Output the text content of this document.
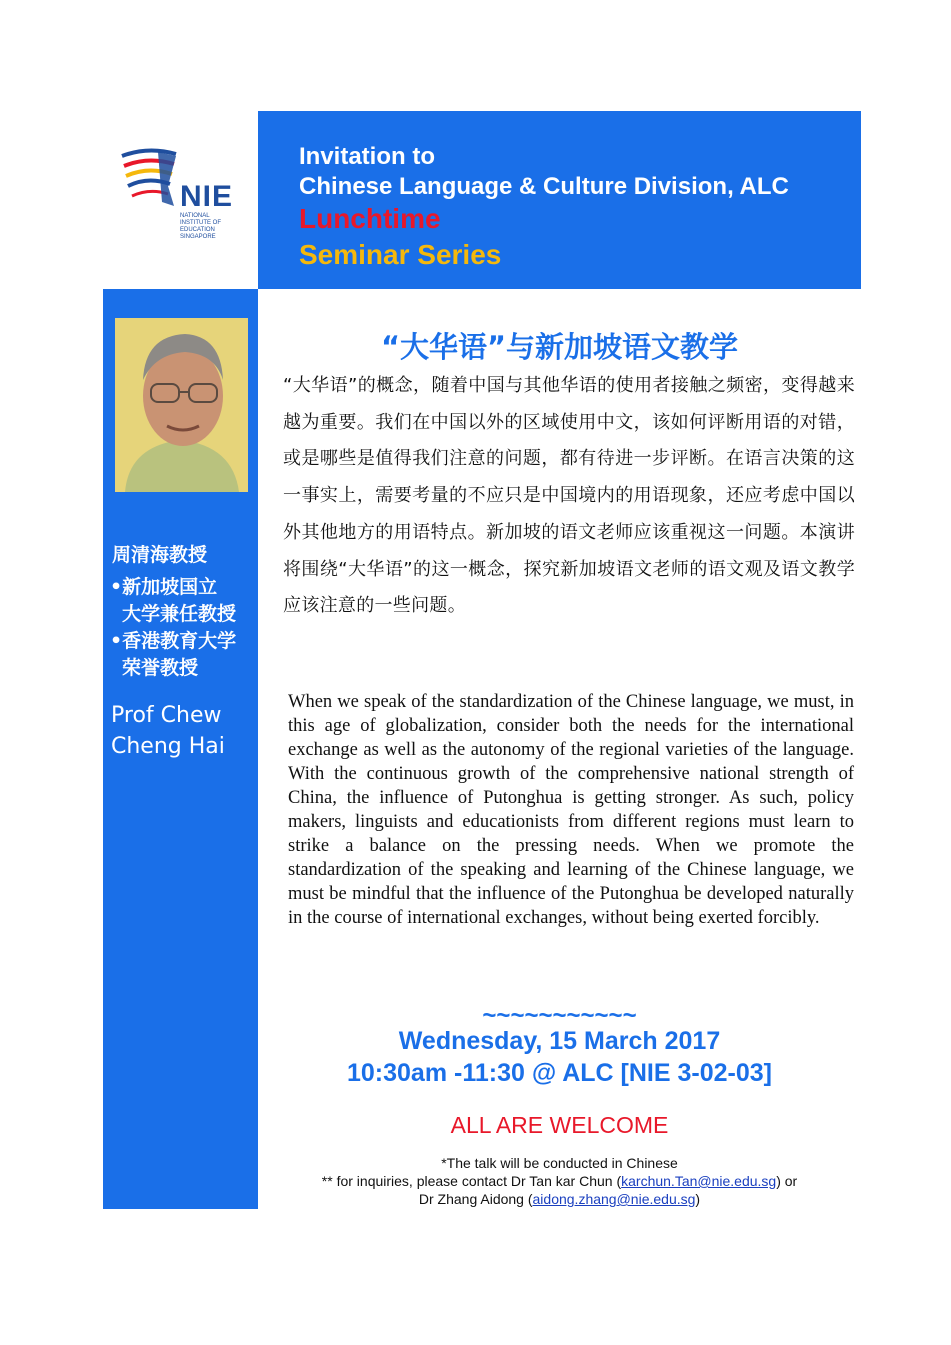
NIE
NATIONAL
INSTITUTE OF
EDUCATION
SINGAPORE
Invitation to
Chinese Language & Culture Division, ALC
Lunchtime
Seminar Series
周清海教授
•新加坡国立
大学兼任教授
•香港教育大学
荣誉教授
Prof Chew
Cheng Hai
“大华语”与新加坡语文教学
“大华语”的概念，随着中国与其他华语的使用者接触之频密，变得越来越为重要。我们在中国以外的区域使用中文，该如何评断用语的对错，或是哪些是值得我们注意的问题，都有待进一步评断。在语言决策的这一事实上，需要考量的不应只是中国境内的用语现象，还应考虑中国以外其他地方的用语特点。新加坡的语文老师应该重视这一问题。本演讲将围绕“大华语”的这一概念，探究新加坡语文老师的语文观及语文教学应该注意的一些问题。
When we speak of the standardization of the Chinese language, we must, in this age of globalization, consider both the needs for the international exchange as well as the autonomy of the regional varieties of the language. With the continuous growth of the comprehensive national strength of China, the influence of Putonghua is getting stronger. As such, policy makers, linguists and educationists from different regions must learn to strike a balance on the pressing needs. When we promote the standardization of the speaking and learning of the Chinese language, we must be mindful that the influence of the Putonghua be developed naturally in the course of international exchanges, without being exerted forcibly.
~~~~~~~~~~~
Wednesday, 15 March 2017
10:30am -11:30 @ ALC [NIE 3-02-03]
ALL ARE WELCOME
*The talk will be conducted in Chinese
** for inquiries, please contact Dr Tan kar Chun (karchun.Tan@nie.edu.sg) or
Dr Zhang Aidong (aidong.zhang@nie.edu.sg)
